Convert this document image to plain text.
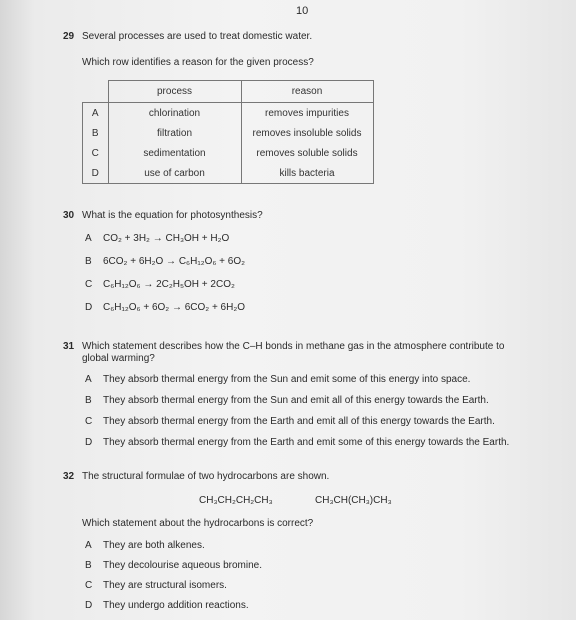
10
29 Several processes are used to treat domestic water.
Which row identifies a reason for the given process?
	process	reason
A	chlorination	removes impurities
B	filtration	removes insoluble solids
C	sedimentation	removes soluble solids
D	use of carbon	kills bacteria
30 What is the equation for photosynthesis?
A CO₂ + 3H₂ → CH₃OH + H₂O
B 6CO₂ + 6H₂O → C₆H₁₂O₆ + 6O₂
C C₆H₁₂O₆ → 2C₂H₅OH + 2CO₂
D C₆H₁₂O₆ + 6O₂ → 6CO₂ + 6H₂O
31 Which statement describes how the C–H bonds in methane gas in the atmosphere contribute to
global warming?
A They absorb thermal energy from the Sun and emit some of this energy into space.
B They absorb thermal energy from the Sun and emit all of this energy towards the Earth.
C They absorb thermal energy from the Earth and emit all of this energy towards the Earth.
D They absorb thermal energy from the Earth and emit some of this energy towards the Earth.
32 The structural formulae of two hydrocarbons are shown.
CH₃CH₂CH₂CH₃	CH₃CH(CH₃)CH₃
Which statement about the hydrocarbons is correct?
A They are both alkenes.
B They decolourise aqueous bromine.
C They are structural isomers.
D They undergo addition reactions.
